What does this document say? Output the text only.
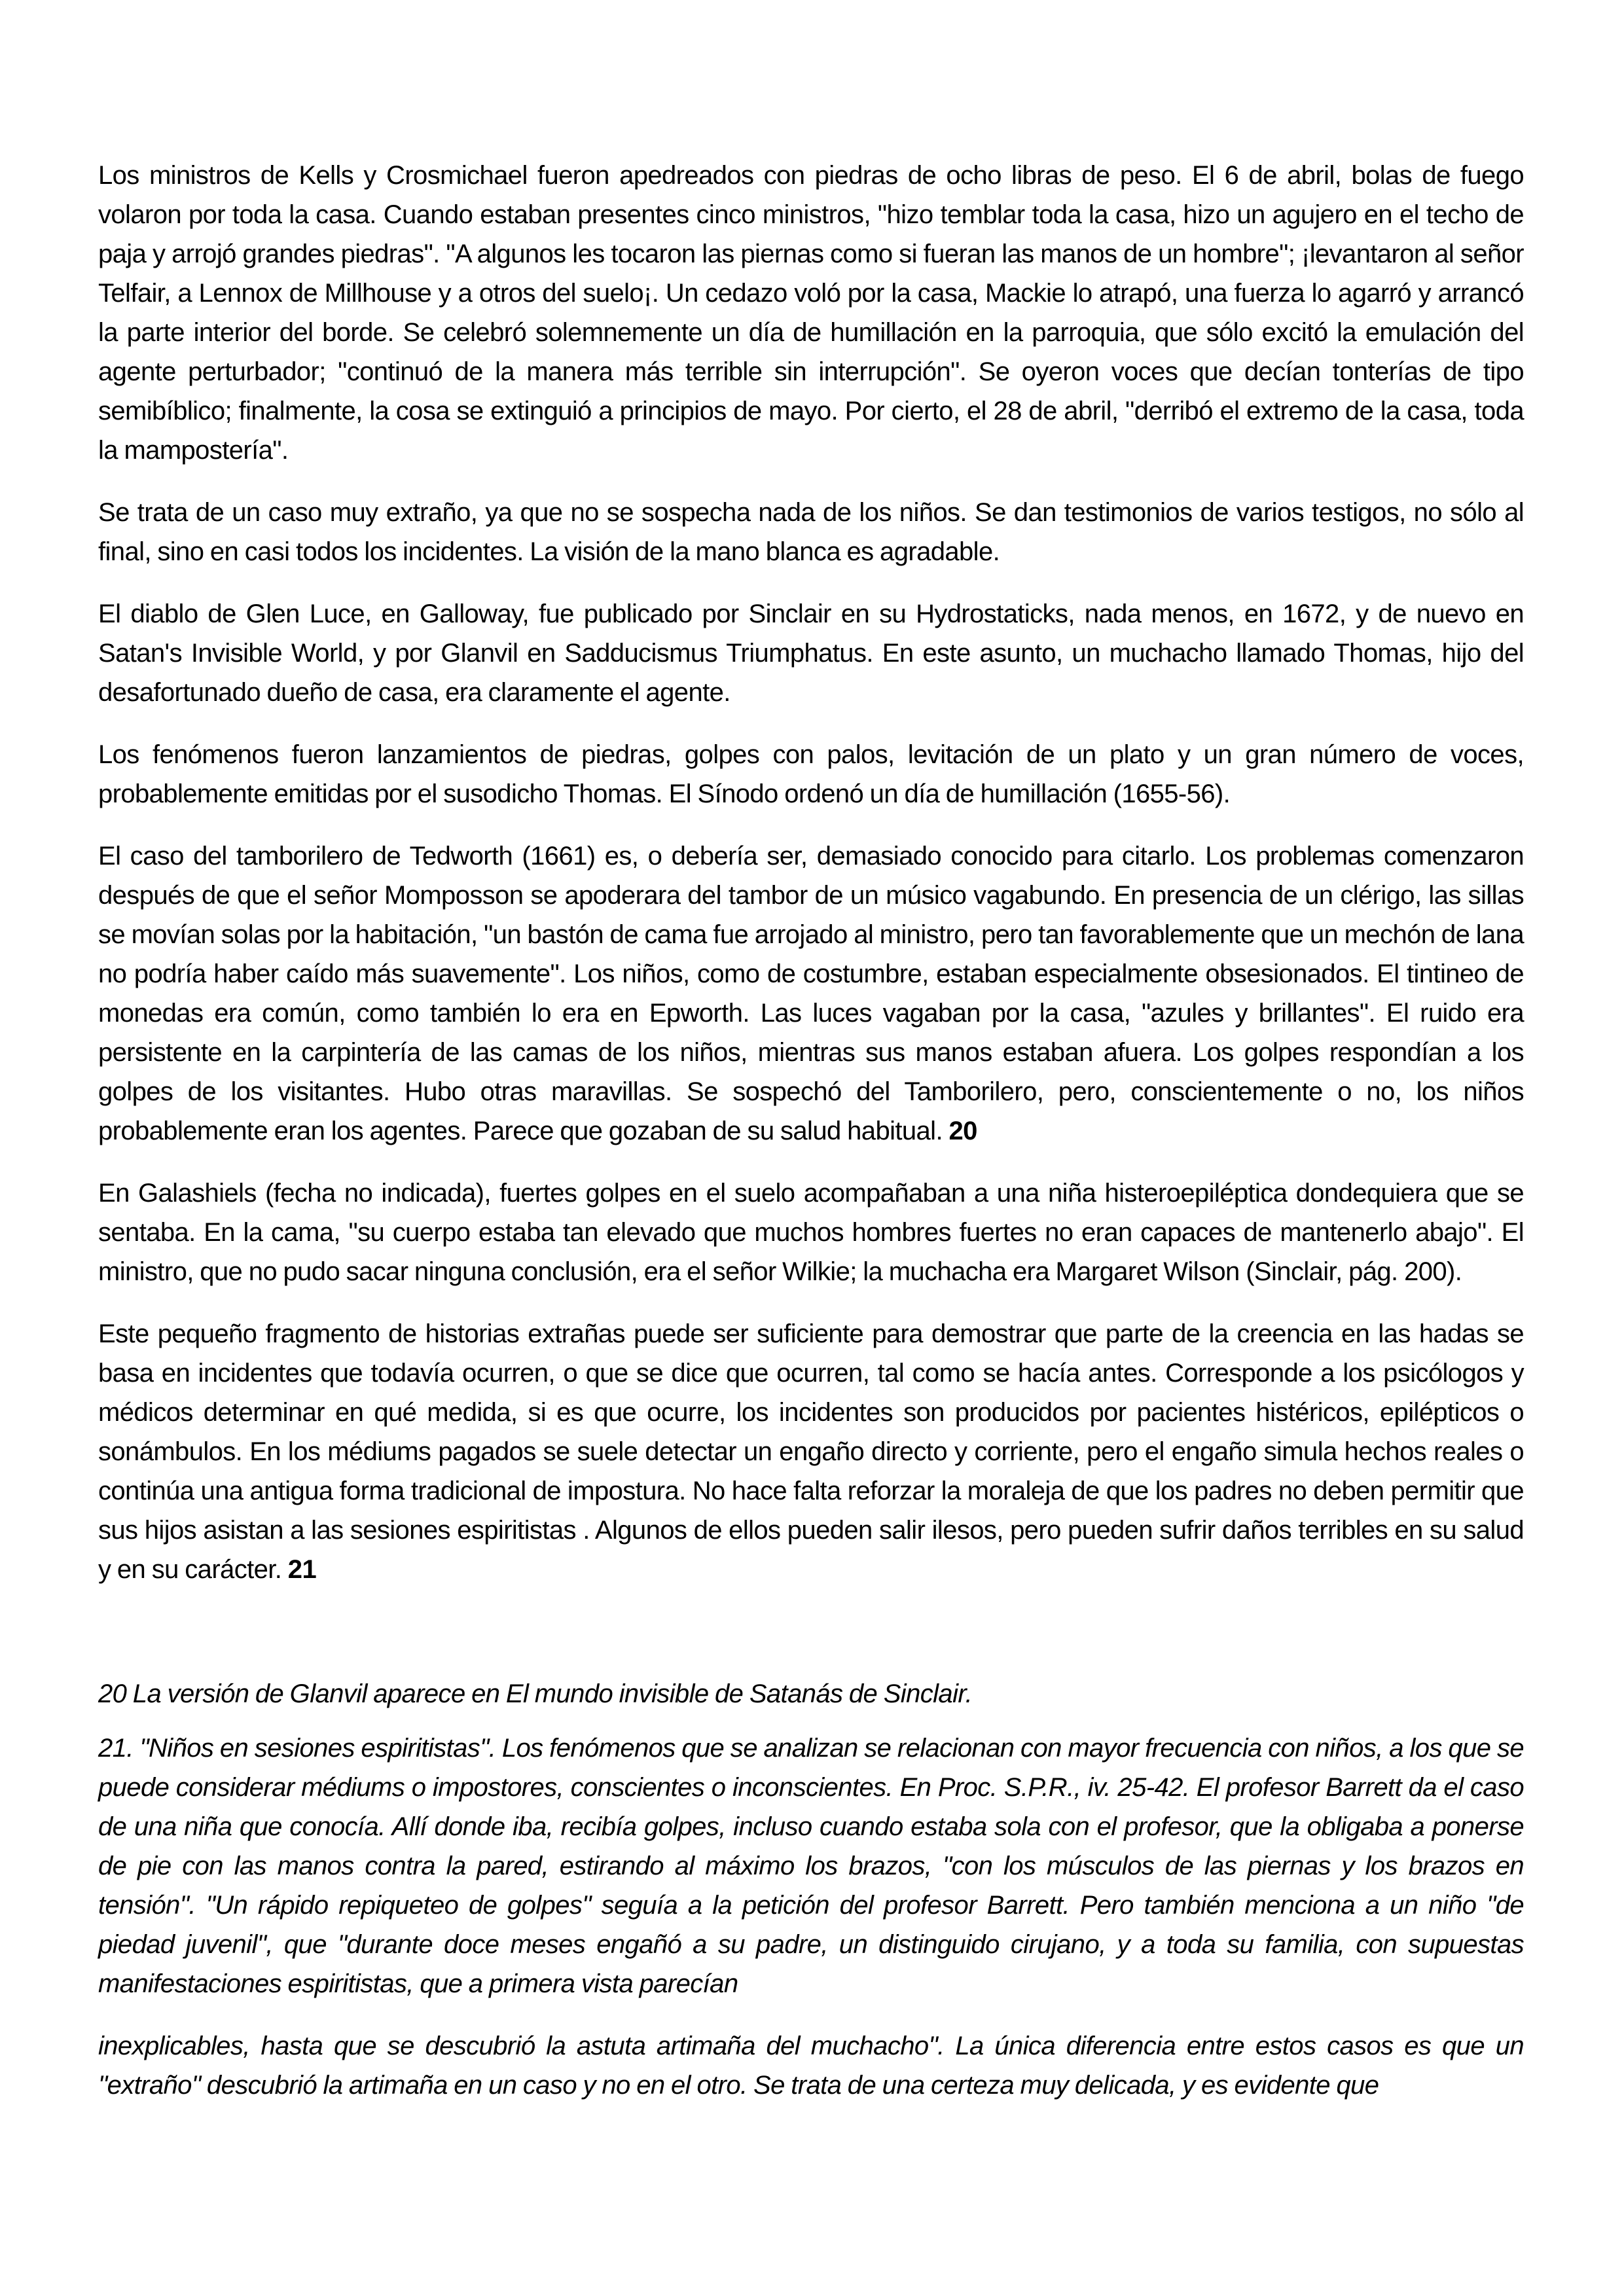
Los ministros de Kells y Crosmichael fueron apedreados con piedras de ocho libras de peso. El 6 de abril, bolas de fuego volaron por toda la casa. Cuando estaban presentes cinco ministros, "hizo temblar toda la casa, hizo un agujero en el techo de paja y arrojó grandes piedras". "A algunos les tocaron las piernas como si fueran las manos de un hombre"; ¡levantaron al señor Telfair, a Lennox de Millhouse y a otros del suelo¡. Un cedazo voló por la casa, Mackie lo atrapó, una fuerza lo agarró y arrancó la parte interior del borde. Se celebró solemnemente un día de humillación en la parroquia, que sólo excitó la emulación del agente perturbador; "continuó de la manera más terrible sin interrupción". Se oyeron voces que decían tonterías de tipo semibíblico; finalmente, la cosa se extinguió a principios de mayo. Por cierto, el 28 de abril, "derribó el extremo de la casa, toda la mampostería".

Se trata de un caso muy extraño, ya que no se sospecha nada de los niños. Se dan testimonios de varios testigos, no sólo al final, sino en casi todos los incidentes. La visión de la mano blanca es agradable.

El diablo de Glen Luce, en Galloway, fue publicado por Sinclair en su Hydrostaticks, nada menos, en 1672, y de nuevo en Satan's Invisible World, y por Glanvil en Sadducismus Triumphatus. En este asunto, un muchacho llamado Thomas, hijo del desafortunado dueño de casa, era claramente el agente.

Los fenómenos fueron lanzamientos de piedras, golpes con palos, levitación de un plato y un gran número de voces, probablemente emitidas por el susodicho Thomas. El Sínodo ordenó un día de humillación (1655-56).

El caso del tamborilero de Tedworth (1661) es, o debería ser, demasiado conocido para citarlo. Los problemas comenzaron después de que el señor Momposson se apoderara del tambor de un músico vagabundo. En presencia de un clérigo, las sillas se movían solas por la habitación, "un bastón de cama fue arrojado al ministro, pero tan favorablemente que un mechón de lana no podría haber caído más suavemente". Los niños, como de costumbre, estaban especialmente obsesionados. El tintineo de monedas era común, como también lo era en Epworth. Las luces vagaban por la casa, "azules y brillantes". El ruido era persistente en la carpintería de las camas de los niños, mientras sus manos estaban afuera. Los golpes respondían a los golpes de los visitantes. Hubo otras maravillas. Se sospechó del Tamborilero, pero, conscientemente o no, los niños probablemente eran los agentes. Parece que gozaban de su salud habitual. 20

En Galashiels (fecha no indicada), fuertes golpes en el suelo acompañaban a una niña histeroepiléptica dondequiera que se sentaba. En la cama, "su cuerpo estaba tan elevado que muchos hombres fuertes no eran capaces de mantenerlo abajo". El ministro, que no pudo sacar ninguna conclusión, era el señor Wilkie; la muchacha era Margaret Wilson (Sinclair, pág. 200).

Este pequeño fragmento de historias extrañas puede ser suficiente para demostrar que parte de la creencia en las hadas se basa en incidentes que todavía ocurren, o que se dice que ocurren, tal como se hacía antes. Corresponde a los psicólogos y médicos determinar en qué medida, si es que ocurre, los incidentes son producidos por pacientes histéricos, epilépticos o sonámbulos. En los médiums pagados se suele detectar un engaño directo y corriente, pero el engaño simula hechos reales o continúa una antigua forma tradicional de impostura. No hace falta reforzar la moraleja de que los padres no deben permitir que sus hijos asistan a las sesiones espiritistas . Algunos de ellos pueden salir ilesos, pero pueden sufrir daños terribles en su salud y en su carácter. 21

20 La versión de Glanvil aparece en El mundo invisible de Satanás de Sinclair.

21. "Niños en sesiones espiritistas". Los fenómenos que se analizan se relacionan con mayor frecuencia con niños, a los que se puede considerar médiums o impostores, conscientes o inconscientes. En Proc. S.P.R., iv. 25-42. El profesor Barrett da el caso de una niña que conocía. Allí donde iba, recibía golpes, incluso cuando estaba sola con el profesor, que la obligaba a ponerse de pie con las manos contra la pared, estirando al máximo los brazos, "con los músculos de las piernas y los brazos en tensión". "Un rápido repiqueteo de golpes" seguía a la petición del profesor Barrett. Pero también menciona a un niño "de piedad juvenil", que "durante doce meses engañó a su padre, un distinguido cirujano, y a toda su familia, con supuestas manifestaciones espiritistas, que a primera vista parecían

inexplicables, hasta que se descubrió la astuta artimaña del muchacho". La única diferencia entre estos casos es que un "extraño" descubrió la artimaña en un caso y no en el otro. Se trata de una certeza muy delicada, y es evidente que
